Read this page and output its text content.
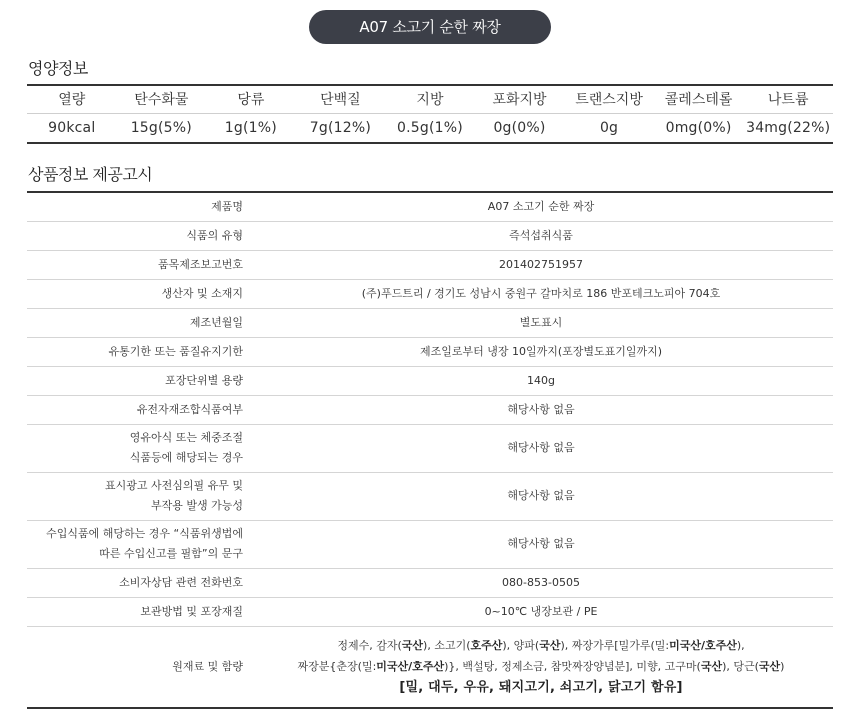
A07 소고기 순한 짜장
영양정보
열량	탄수화물	당류	단백질	지방	포화지방	트랜스지방	콜레스테롤	나트륨
90kcal	15g(5%)	1g(1%)	7g(12%)	0.5g(1%)	0g(0%)	0g	0mg(0%)	34mg(22%)
상품정보 제공고시
제품명	A07 소고기 순한 짜장

식품의 유형	즉석섭취식품

품목제조보고번호	201402751957

생산자 및 소재지	(주)푸드트리 / 경기도 성남시 중원구 갈마치로 186 반포테크노피아 704호

제조년월일	별도표시

유통기한 또는 품질유지기한	제조일로부터 냉장 10일까지(포장별도표기일까지)

포장단위별 용량	140g

유전자재조합식품여부	해당사항 없음

영유아식 또는 체중조절
식품등에 해당되는 경우	해당사항 없음

표시광고 사전심의필 유무 및
부작용 발생 가능성	해당사항 없음

수입식품에 해당하는 경우 “식품위생법에
따른 수입신고를 필함”의 문구	해당사항 없음

소비자상담 관련 전화번호	080-853-0505

보관방법 및 포장재질	0~10℃ 냉장보관 / PE
원재료 및 함량	정제수, 감자(국산), 소고기(호주산), 양파(국산), 짜장가루[밀가루(밀:미국산/호주산),
짜장분{춘장(밀:미국산/호주산)}, 백설탕, 정제소금, 참맛짜장양념분], 미향, 고구마(국산), 당근(국산)
[밀, 대두, 우유, 돼지고기, 쇠고기, 닭고기 함유]
